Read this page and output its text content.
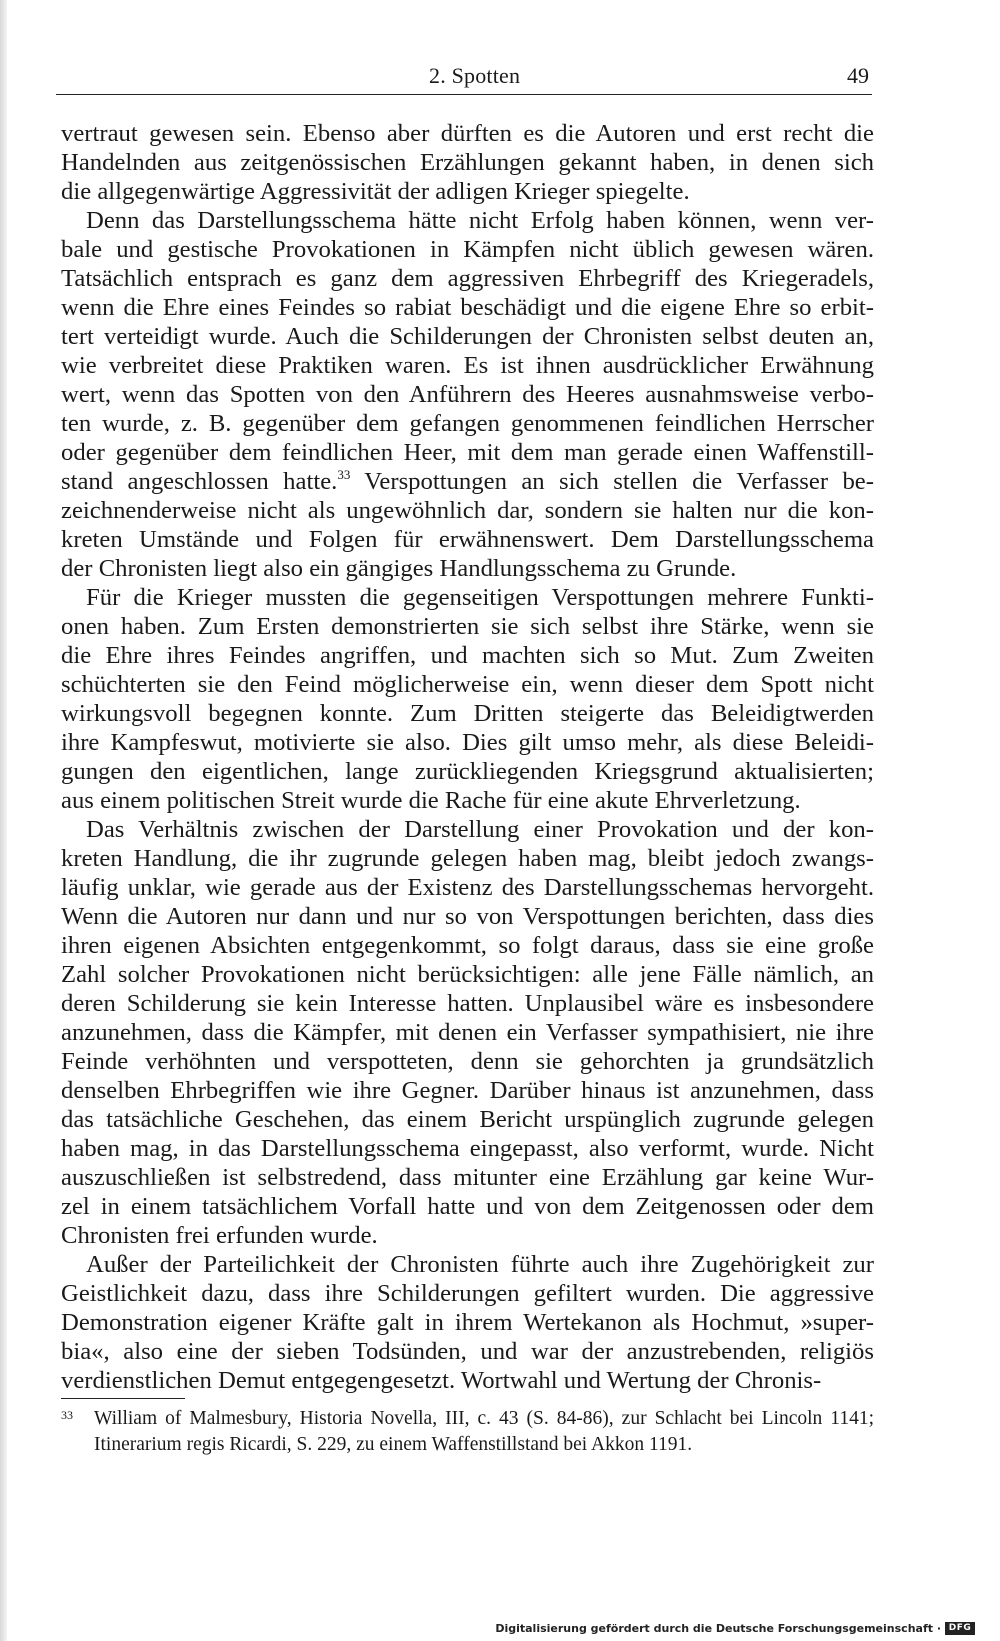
2. Spotten	49
vertraut gewesen sein. Ebenso aber dürften es die Autoren und erst recht die
Handelnden aus zeitgenössischen Erzählungen gekannt haben, in denen sich
die allgegenwärtige Aggressivität der adligen Krieger spiegelte.
Denn das Darstellungsschema hätte nicht Erfolg haben können, wenn ver-
bale und gestische Provokationen in Kämpfen nicht üblich gewesen wären.
Tatsächlich entsprach es ganz dem aggressiven Ehrbegriff des Kriegeradels,
wenn die Ehre eines Feindes so rabiat beschädigt und die eigene Ehre so erbit-
tert verteidigt wurde. Auch die Schilderungen der Chronisten selbst deuten an,
wie verbreitet diese Praktiken waren. Es ist ihnen ausdrücklicher Erwähnung
wert, wenn das Spotten von den Anführern des Heeres ausnahmsweise verbo-
ten wurde, z. B. gegenüber dem gefangen genommenen feindlichen Herrscher
oder gegenüber dem feindlichen Heer, mit dem man gerade einen Waffenstill-
stand angeschlossen hatte.$^{33}$ Verspottungen an sich stellen die Verfasser be-
zeichnenderweise nicht als ungewöhnlich dar, sondern sie halten nur die kon-
kreten Umstände und Folgen für erwähnenswert. Dem Darstellungsschema
der Chronisten liegt also ein gängiges Handlungsschema zu Grunde.
Für die Krieger mussten die gegenseitigen Verspottungen mehrere Funkti-
onen haben. Zum Ersten demonstrierten sie sich selbst ihre Stärke, wenn sie
die Ehre ihres Feindes angriffen, und machten sich so Mut. Zum Zweiten
schüchterten sie den Feind möglicherweise ein, wenn dieser dem Spott nicht
wirkungsvoll begegnen konnte. Zum Dritten steigerte das Beleidigtwerden
ihre Kampfeswut, motivierte sie also. Dies gilt umso mehr, als diese Beleidi-
gungen den eigentlichen, lange zurückliegenden Kriegsgrund aktualisierten;
aus einem politischen Streit wurde die Rache für eine akute Ehrverletzung.
Das Verhältnis zwischen der Darstellung einer Provokation und der kon-
kreten Handlung, die ihr zugrunde gelegen haben mag, bleibt jedoch zwangs-
läufig unklar, wie gerade aus der Existenz des Darstellungsschemas hervorgeht.
Wenn die Autoren nur dann und nur so von Verspottungen berichten, dass dies
ihren eigenen Absichten entgegenkommt, so folgt daraus, dass sie eine große
Zahl solcher Provokationen nicht berücksichtigen: alle jene Fälle nämlich, an
deren Schilderung sie kein Interesse hatten. Unplausibel wäre es insbesondere
anzunehmen, dass die Kämpfer, mit denen ein Verfasser sympathisiert, nie ihre
Feinde verhöhnten und verspotteten, denn sie gehorchten ja grundsätzlich
denselben Ehrbegriffen wie ihre Gegner. Darüber hinaus ist anzunehmen, dass
das tatsächliche Geschehen, das einem Bericht urspünglich zugrunde gelegen
haben mag, in das Darstellungsschema eingepasst, also verformt, wurde. Nicht
auszuschließen ist selbstredend, dass mitunter eine Erzählung gar keine Wur-
zel in einem tatsächlichem Vorfall hatte und von dem Zeitgenossen oder dem
Chronisten frei erfunden wurde.
Außer der Parteilichkeit der Chronisten führte auch ihre Zugehörigkeit zur
Geistlichkeit dazu, dass ihre Schilderungen gefiltert wurden. Die aggressive
Demonstration eigener Kräfte galt in ihrem Wertekanon als Hochmut, »super-
bia«, also eine der sieben Todsünden, und war der anzustrebenden, religiös
verdienstlichen Demut entgegengesetzt. Wortwahl und Wertung der Chronis-
33 William of Malmesbury, Historia Novella, III, c. 43 (S. 84-86), zur Schlacht bei Lincoln 1141;
Itinerarium regis Ricardi, S. 229, zu einem Waffenstillstand bei Akkon 1191.
Digitalisierung gefördert durch die Deutsche Forschungsgemeinschaft · DFG
